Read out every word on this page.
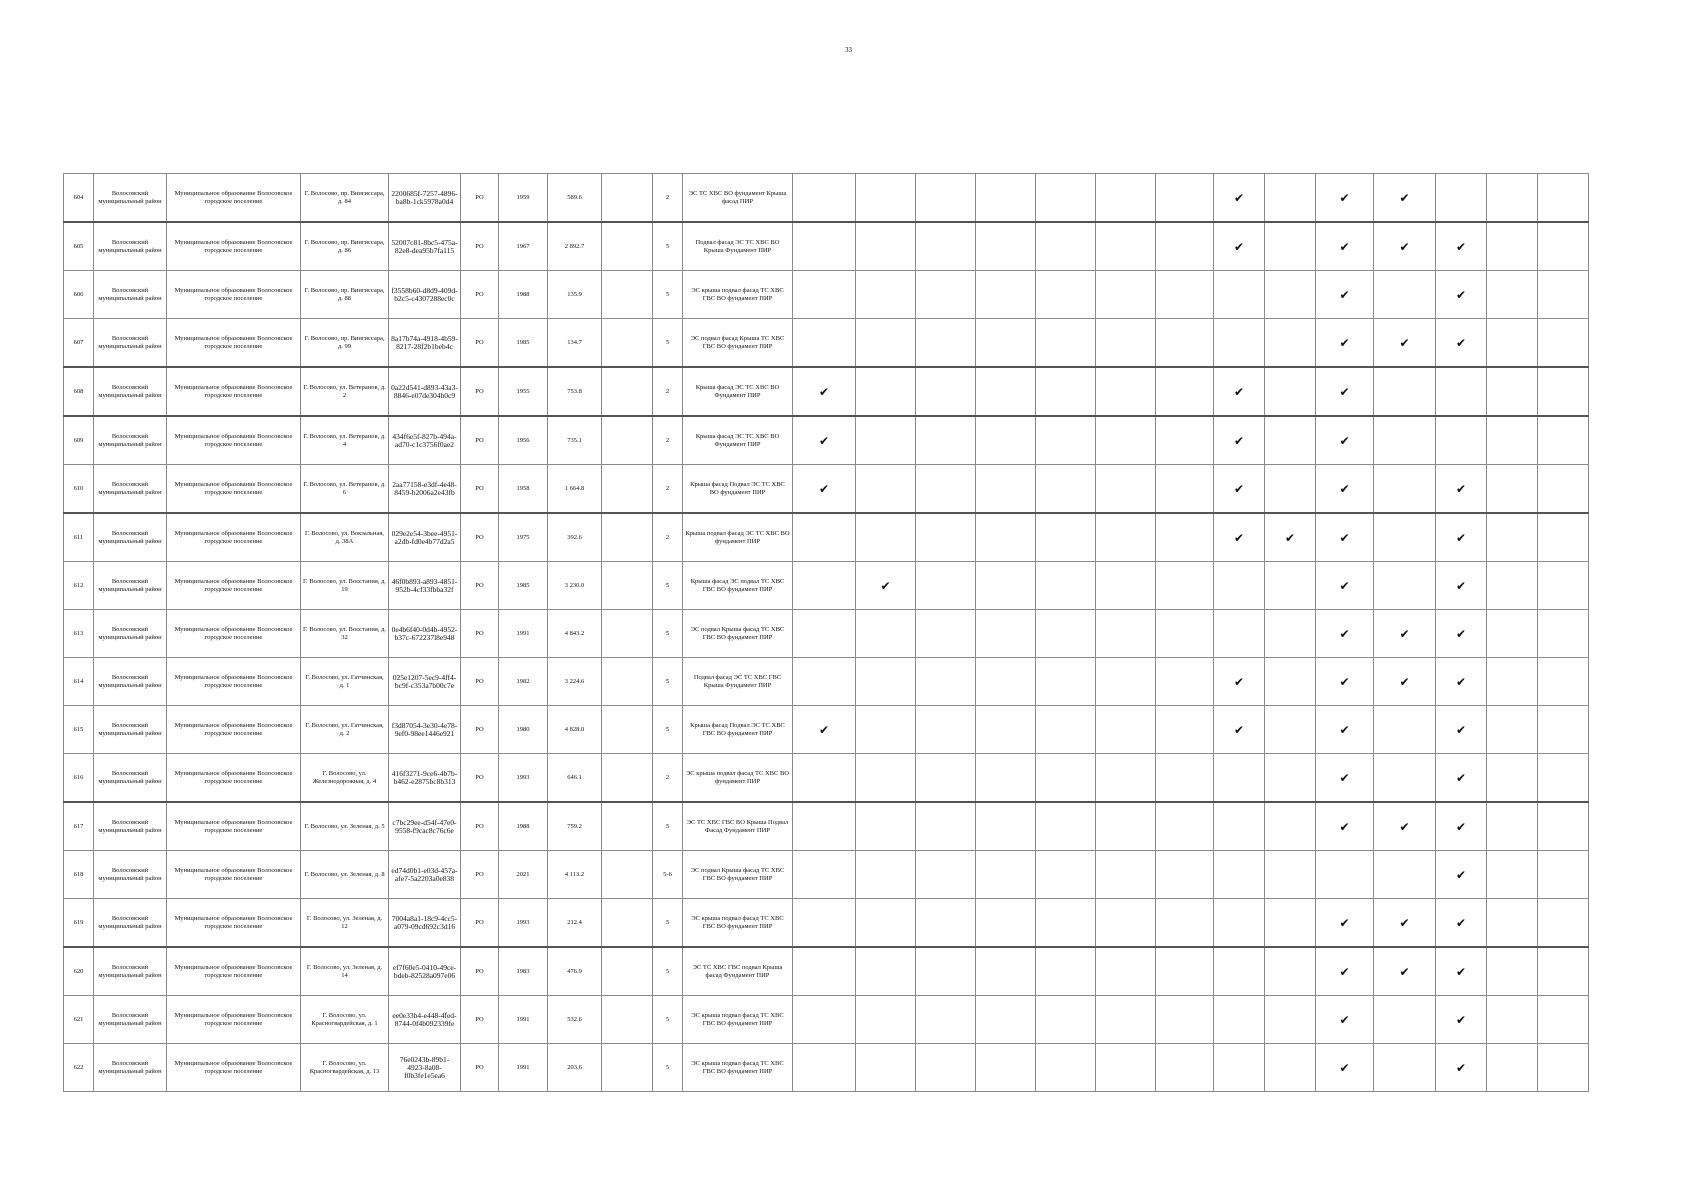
33
604	Волосовский муниципальный район	Муниципальное образование Волосовское городское поселение	Г. Волосово, пр. Вингиссара, д. 84	2200685f-7257-4896-ba8b-1ck5978a0d4	РО	1959	589.6		2	ЭС ТС ХВС ВО фундамент Крыша фасад ПИР								✔		✔	✔			
605	Волосовский муниципальный район	Муниципальное образование Волосовское городское поселение	Г. Волосово, пр. Вингиссара, д. 86	52007c81-8bc5-475a-82e8-dea95b7fa115	РО	1967	2 892.7		5	Подвал фасад ЭС ТС ХВС ВО Крыша Фундамент ПИР								✔		✔	✔	✔		
606	Волосовский муниципальный район	Муниципальное образование Волосовское городское поселение	Г. Волосово, пр. Вингиссара, д. 88	f3558b60-d8d9-409d-b2c5-c4307288ec0c	РО	1988	135.9		5	ЭС крыша подвал фасад ТС ХВС ГВС ВО фундамент ПИР										✔		✔		
607	Волосовский муниципальный район	Муниципальное образование Волосовское городское поселение	Г. Волосово, пр. Вингиссара, д. 99	8a17b74a-4918-4b59-8217-28f2b1beb4c	РО	1985	134.7		5	ЭС подвал фасад Крыша ТС ХВС ГВС ВО фундамент ПИР										✔	✔	✔		
608	Волосовский муниципальный район	Муниципальное образование Волосовское городское поселение	Г. Волосово, ул. Ветеранов, д. 2	0a22d541-d893-43a3-8846-e07de304b0c9	РО	1955	753.8		2	Крыша фасад ЭС ТС ХВС ВО Фундамент ПИР	✔							✔		✔				
609	Волосовский муниципальный район	Муниципальное образование Волосовское городское поселение	Г. Волосово, ул. Ветеранов, д. 4	434f6e5f-827b-494a-ad70-c1c3756f0ae2	РО	1956	735.1		2	Крыша фасад ЭС ТС ХВС ВО Фундамент ПИР	✔							✔		✔				
610	Волосовский муниципальный район	Муниципальное образование Волосовское городское поселение	Г. Волосово, ул. Ветеранов, д. 6	2aa77158-e3df-4e48-8459-b2006a2e43fb	РО	1958	1 664.8		2	Крыша фасад Подвал ЭС ТС ХВС ВО фундамент ПИР	✔							✔		✔		✔		
611	Волосовский муниципальный район	Муниципальное образование Волосовское городское поселение	Г. Волосово, ул. Вокзальная, д. 38А	029e2e54-3bee-4951-a2db-fd0e4b77d2a5	РО	1975	392.6		2	Крыша подвал фасад ЭС ТС ХВС ВО фундамент ПИР								✔	✔	✔		✔		
612	Волосовский муниципальный район	Муниципальное образование Волосовское городское поселение	Г. Волосово, ул. Восстания, д. 19	46f0b893-a893-4851-952b-4cf33fbba32f	РО	1985	3 230.0		5	Крыша фасад ЭС подвал ТС ХВС ГВС ВО фундамент ПИР		✔								✔		✔		
613	Волосовский муниципальный район	Муниципальное образование Волосовское городское поселение	Г. Волосово, ул. Восстания, д. 32	0e4b6f40-0d4b-4952-b37c-672237l8e948	РО	1991	4 843.2		5	ЭС подвал Крыша фасад ТС ХВС ГВС ВО фундамент ПИР										✔	✔	✔		
614	Волосовский муниципальный район	Муниципальное образование Волосовское городское поселение	Г. Волосово, ул. Гатчинская, д. 1	025e1207-5ec9-4ff4-bc9f-c353a7b00c7e	РО	1982	3 224.6		5	Подвал фасад ЭС ТС ХВС ГВС Крыша Фундамент ПИР								✔		✔	✔	✔		
615	Волосовский муниципальный район	Муниципальное образование Волосовское городское поселение	Г. Волосово, ул. Гатчинская, д. 2	f3d87054-3e30-4e78-9ef0-98ee1446e921	РО	1980	4 828.0		5	Крыша фасад Подвал ЭС ТС ХВС ГВС ВО фундамент ПИР	✔							✔		✔		✔		
616	Волосовский муниципальный район	Муниципальное образование Волосовское городское поселение	Г. Волосово, ул. Железнодорожная, д. 4	416f3271-9ce6-4b7b-b462-e2875bc8b313	РО	1993	646.1		2	ЭС крыша подвал фасад ТС ХВС ВО фундамент ПИР										✔		✔		
617	Волосовский муниципальный район	Муниципальное образование Волосовское городское поселение	Г. Волосово, ул. Зеленая, д. 5	c7bc29ee-d54f-47e0-9558-f9cac8c76c6e	РО	1988	759.2		5	ЭС ТС ХВС ГВС ВО Крыша Подвал Фасад Фундамент ПИР										✔	✔	✔		
618	Волосовский муниципальный район	Муниципальное образование Волосовское городское поселение	Г. Волосово, ул. Зеленая, д. 8	ed74d0b1-e03d-457a-afe7-5a2203a0e838	РО	2021	4 113.2		5-6	ЭС подвал Крыша фасад ТС ХВС ГВС ВО фундамент ПИР												✔		
619	Волосовский муниципальный район	Муниципальное образование Волосовское городское поселение	Г. Волосово, ул. Зеленая, д. 12	7004a8a1-18c9-4cc5-a079-09cd692c3d16	РО	1993	212.4		5	ЭС крыша подвал фасад ТС ХВС ГВС ВО фундамент ПИР										✔	✔	✔		
620	Волосовский муниципальный район	Муниципальное образование Волосовское городское поселение	Г. Волосово, ул. Зеленая, д. 14	ef7f60e5-0410-49ce-bdeb-82528a097e06	РО	1983	476.9		5	ЭС ТС ХВС ГВС подвал Крыша фасад Фундамент ПИР										✔	✔	✔		
621	Волосовский муниципальный район	Муниципальное образование Волосовское городское поселение	Г. Волосово, ул. Красногвардейская, д. 1	ee0e33b4-e448-4fed-8744-0f4b092339fe	РО	1991	532.6		5	ЭС крыша подвал фасад ТС ХВС ГВС ВО фундамент ПИР										✔		✔		
622	Волосовский муниципальный район	Муниципальное образование Волосовское городское поселение	Г. Волосово, ул. Красногвардейская, д. 13	76e0243b-89b1-4923-8a08-f0b3fe1e5ea6	РО	1991	203.6		5	ЭС крыша подвал фасад ТС ХВС ГВС ВО фундамент ПИР										✔		✔		
